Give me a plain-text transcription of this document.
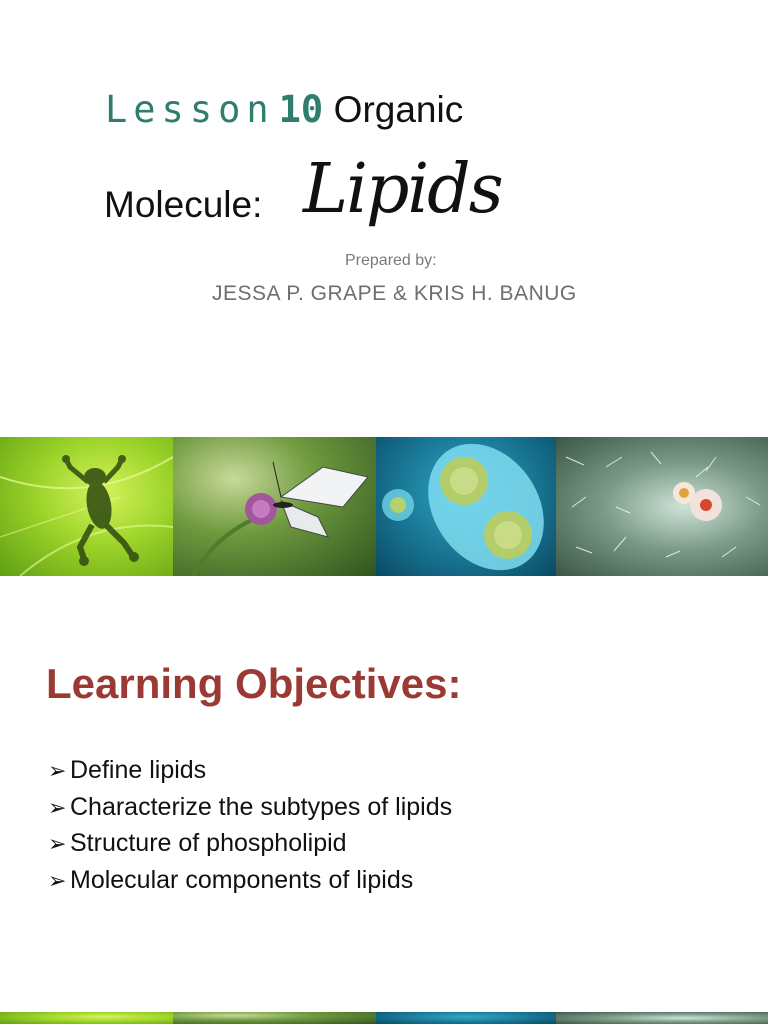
Lesson 10 Organic
Molecule: Lipids
Prepared by:
JESSA P. GRAPE & KRIS H. BANUG
Learning Objectives:
➢ Define lipids
➢ Characterize the subtypes of lipids
➢ Structure of phospholipid
➢ Molecular components of lipids
